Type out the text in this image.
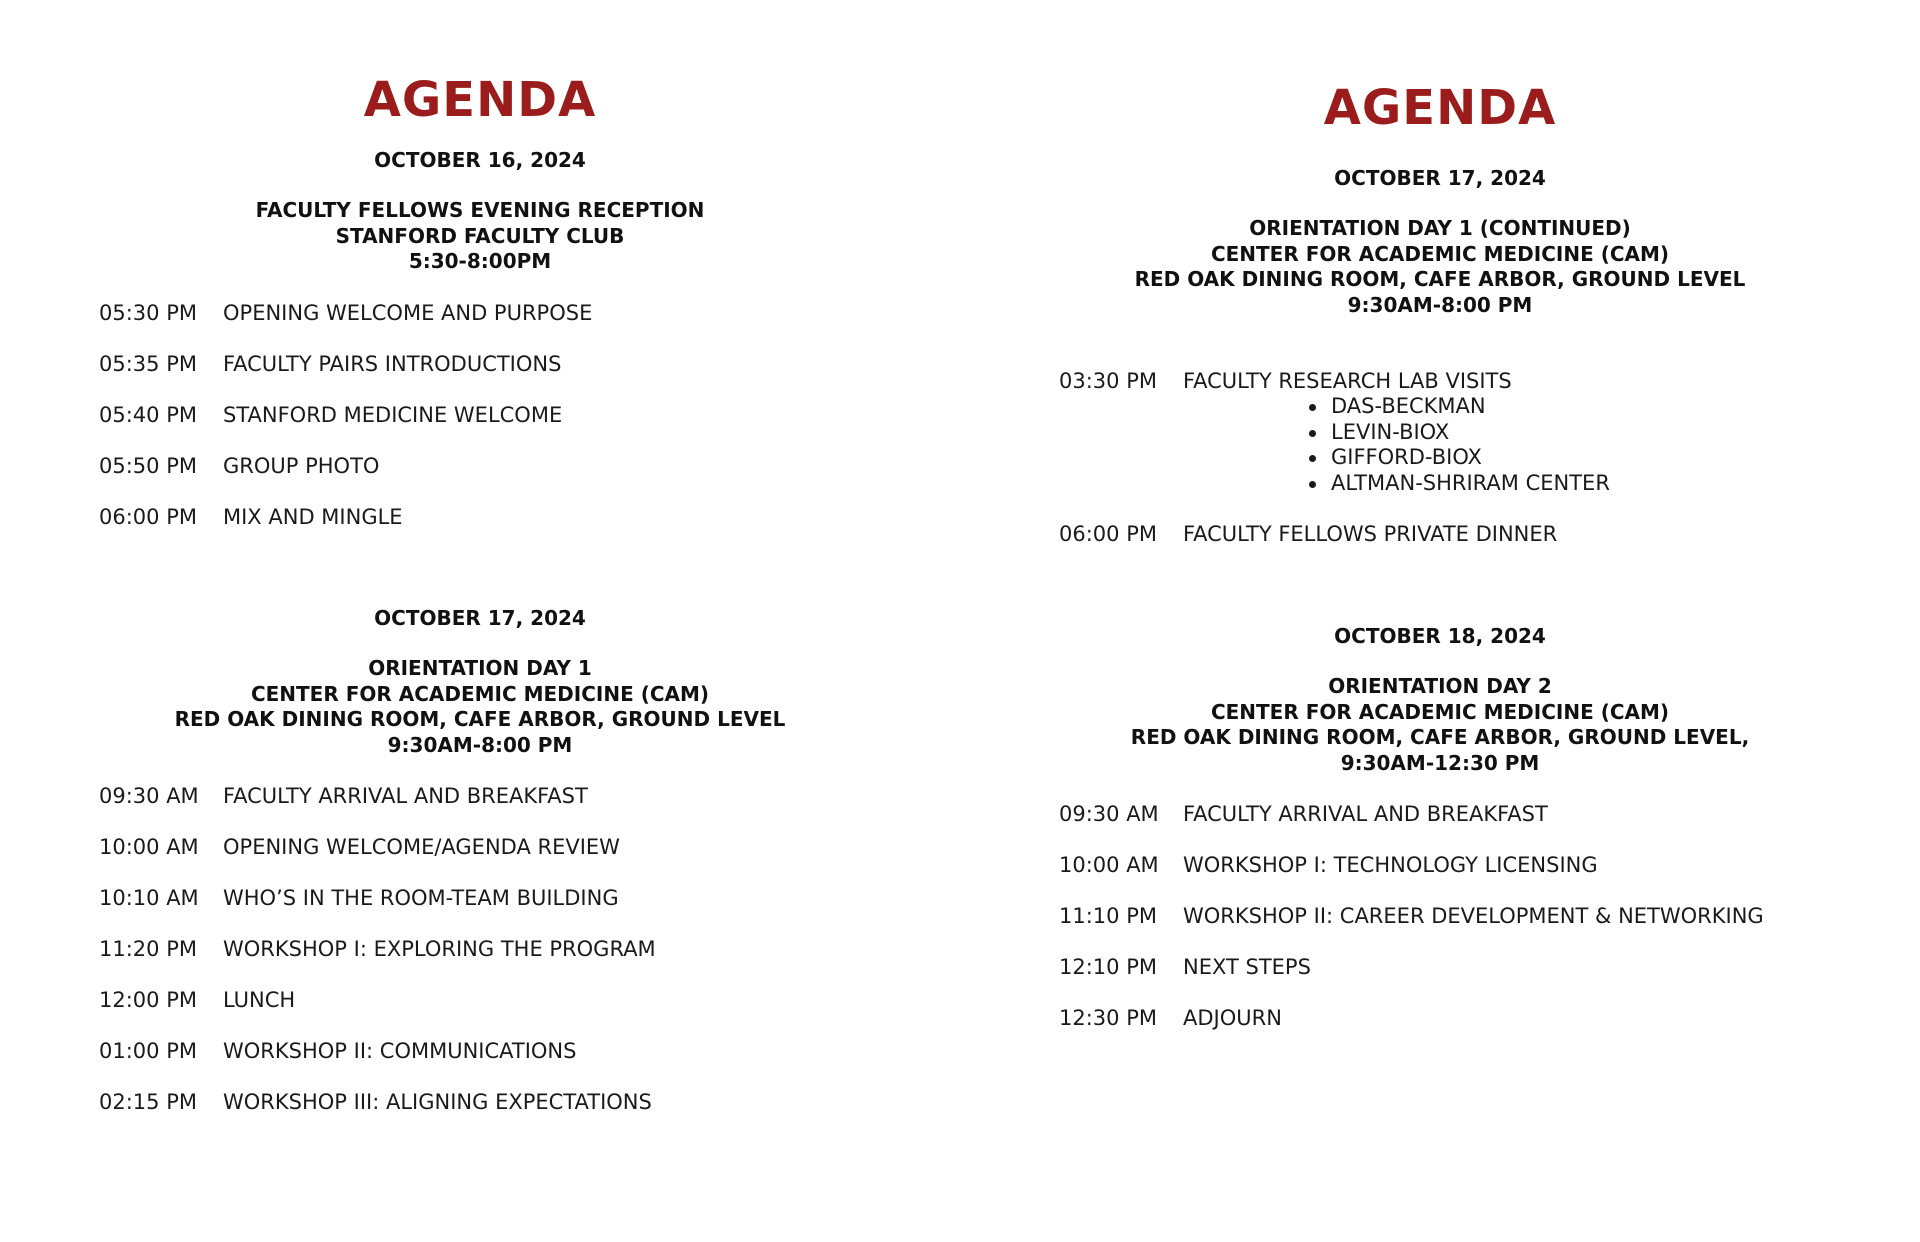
AGENDA
OCTOBER 16, 2024
FACULTY FELLOWS EVENING RECEPTION
STANFORD FACULTY CLUB
5:30-8:00PM
05:30 PM	OPENING WELCOME AND PURPOSE
05:35 PM	FACULTY PAIRS INTRODUCTIONS
05:40 PM	STANFORD MEDICINE WELCOME
05:50 PM	GROUP PHOTO
06:00 PM	MIX AND MINGLE
OCTOBER 17, 2024
ORIENTATION DAY 1
CENTER FOR ACADEMIC MEDICINE (CAM)
RED OAK DINING ROOM, CAFE ARBOR, GROUND LEVEL
9:30AM-8:00 PM
09:30 AM	FACULTY ARRIVAL AND BREAKFAST
10:00 AM	OPENING WELCOME/AGENDA REVIEW
10:10 AM	WHO’S IN THE ROOM-TEAM BUILDING
11:20 PM	WORKSHOP I: EXPLORING THE PROGRAM
12:00 PM	LUNCH
01:00 PM	WORKSHOP II: COMMUNICATIONS
02:15 PM	WORKSHOP III: ALIGNING EXPECTATIONS
AGENDA
OCTOBER 17, 2024
ORIENTATION DAY 1 (CONTINUED)
CENTER FOR ACADEMIC MEDICINE (CAM)
RED OAK DINING ROOM, CAFE ARBOR, GROUND LEVEL
9:30AM-8:00 PM
03:30 PM	FACULTY RESEARCH LAB VISITS
DAS-BECKMAN
LEVIN-BIOX
GIFFORD-BIOX
ALTMAN-SHRIRAM CENTER
06:00 PM	FACULTY FELLOWS PRIVATE DINNER
OCTOBER 18, 2024
ORIENTATION DAY 2
CENTER FOR ACADEMIC MEDICINE (CAM)
RED OAK DINING ROOM, CAFE ARBOR, GROUND LEVEL,
9:30AM-12:30 PM
09:30 AM	FACULTY ARRIVAL AND BREAKFAST
10:00 AM	WORKSHOP I: TECHNOLOGY LICENSING
11:10 PM	WORKSHOP II: CAREER DEVELOPMENT & NETWORKING
12:10 PM	NEXT STEPS
12:30 PM	ADJOURN
